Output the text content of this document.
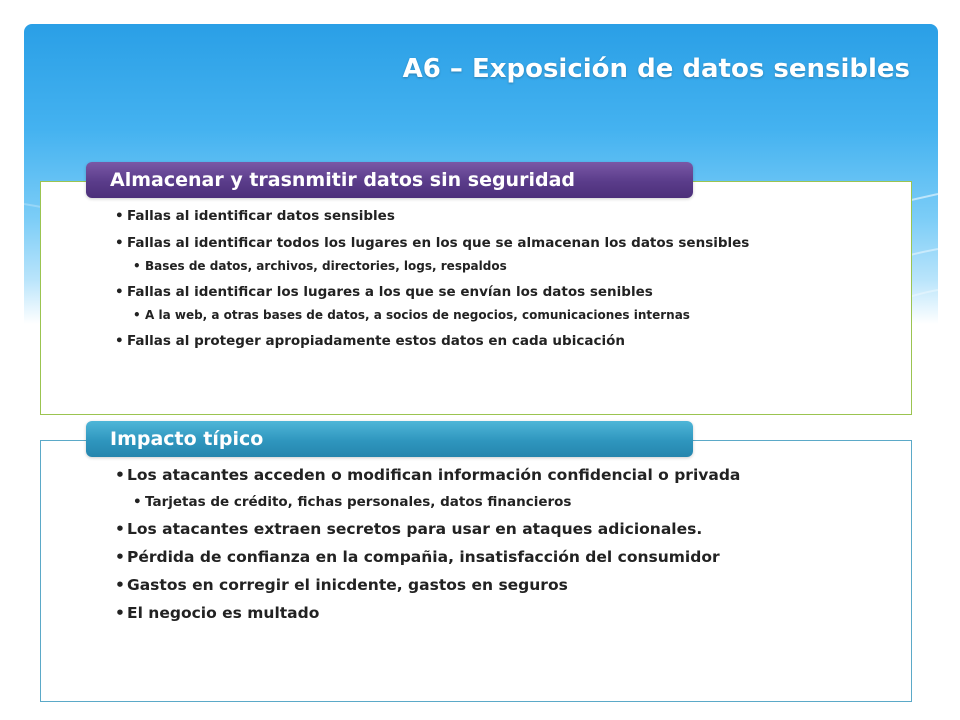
A6 – Exposición de datos sensibles
• Fallas al identificar datos sensibles
• Fallas al identificar todos los lugares en los que se almacenan los datos sensibles
• Bases de datos, archivos, directories, logs, respaldos
• Fallas al identificar los lugares a los que se envían los datos senibles
• A la web, a otras bases de datos, a socios de negocios, comunicaciones internas
• Fallas al proteger apropiadamente estos datos en cada ubicación
Almacenar y trasnmitir datos sin seguridad
• Los atacantes acceden o modifican información confidencial o privada
• Tarjetas de crédito, fichas personales, datos financieros
• Los atacantes extraen secretos para usar en ataques adicionales.
• Pérdida de confianza en la compañia, insatisfacción del consumidor
• Gastos en corregir el inicdente, gastos en seguros
• El negocio es multado
Impacto típico
